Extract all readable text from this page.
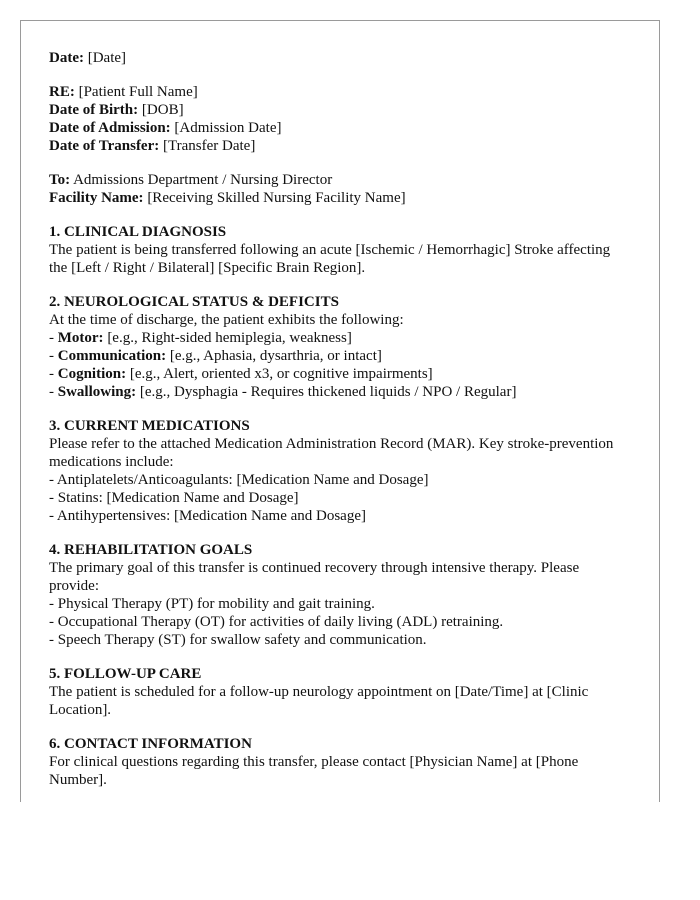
Date: [Date]

RE: [Patient Full Name]

Date of Birth: [DOB]

Date of Admission: [Admission Date]

Date of Transfer: [Transfer Date]

To: Admissions Department / Nursing Director

Facility Name: [Receiving Skilled Nursing Facility Name]

1. CLINICAL DIAGNOSIS

The patient is being transferred following an acute [Ischemic / Hemorrhagic] Stroke affecting the [Left / Right / Bilateral] [Specific Brain Region].

2. NEUROLOGICAL STATUS & DEFICITS

At the time of discharge, the patient exhibits the following:

- Motor: [e.g., Right-sided hemiplegia, weakness]

- Communication: [e.g., Aphasia, dysarthria, or intact]

- Cognition: [e.g., Alert, oriented x3, or cognitive impairments]

- Swallowing: [e.g., Dysphagia - Requires thickened liquids / NPO / Regular]

3. CURRENT MEDICATIONS

Please refer to the attached Medication Administration Record (MAR). Key stroke-prevention medications include:

- Antiplatelets/Anticoagulants: [Medication Name and Dosage]

- Statins: [Medication Name and Dosage]

- Antihypertensives: [Medication Name and Dosage]

4. REHABILITATION GOALS

The primary goal of this transfer is continued recovery through intensive therapy. Please provide:

- Physical Therapy (PT) for mobility and gait training.

- Occupational Therapy (OT) for activities of daily living (ADL) retraining.

- Speech Therapy (ST) for swallow safety and communication.

5. FOLLOW-UP CARE

The patient is scheduled for a follow-up neurology appointment on [Date/Time] at [Clinic Location].

6. CONTACT INFORMATION

For clinical questions regarding this transfer, please contact [Physician Name] at [Phone Number].
